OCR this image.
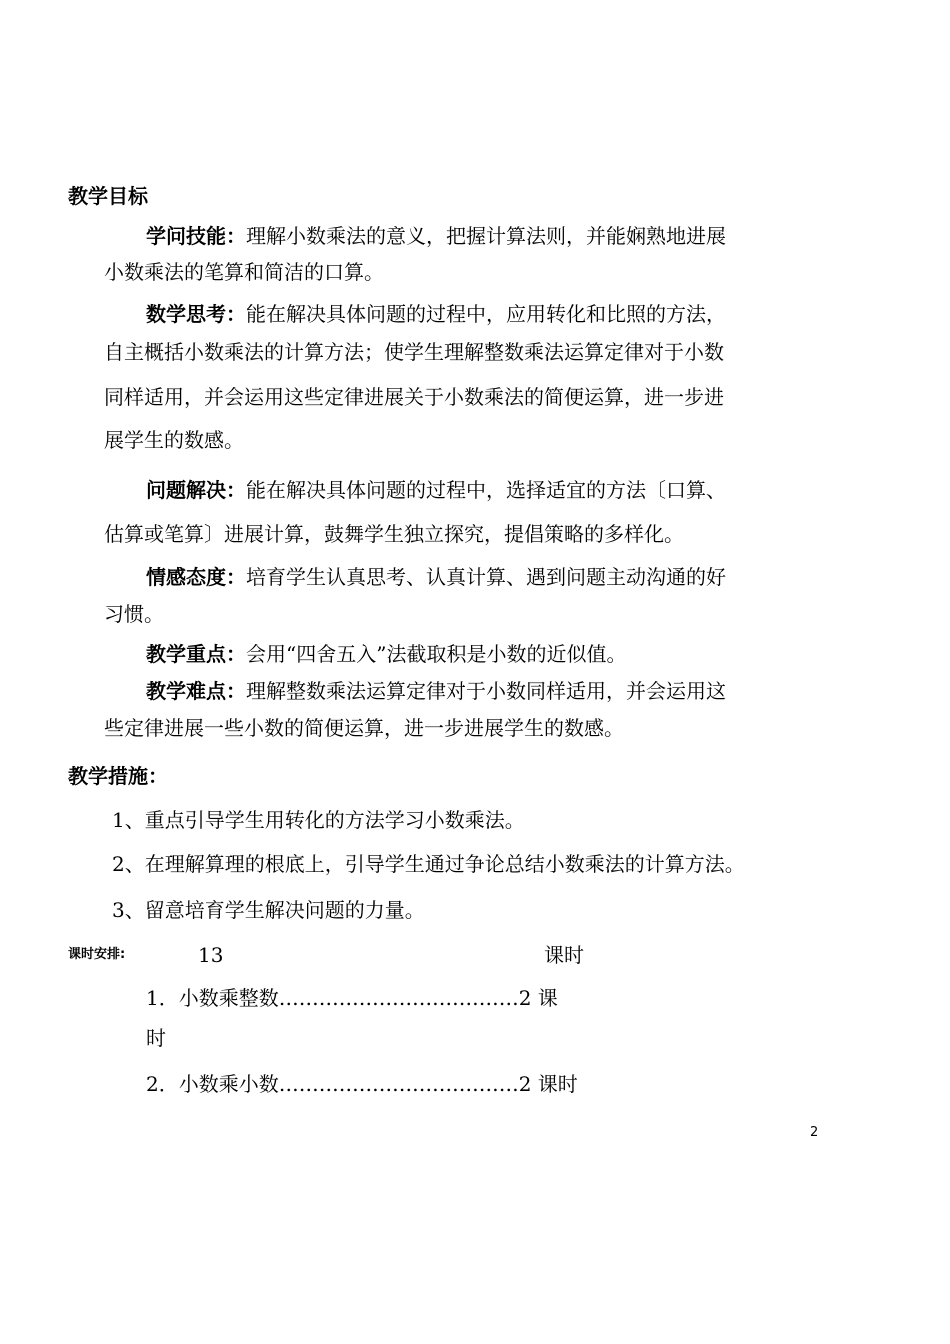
教学目标
学问技能：理解小数乘法的意义，把握计算法则，并能娴熟地进展
小数乘法的笔算和简洁的口算。
数学思考：能在解决具体问题的过程中，应用转化和比照的方法，
自主概括小数乘法的计算方法；使学生理解整数乘法运算定律对于小数
同样适用，并会运用这些定律进展关于小数乘法的简便运算，进一步进
展学生的数感。
问题解决：能在解决具体问题的过程中，选择适宜的方法〔口算、
估算或笔算〕进展计算，鼓舞学生独立探究，提倡策略的多样化。
情感态度：培育学生认真思考、认真计算、遇到问题主动沟通的好
习惯。
教学重点：会用“四舍五入”法截取积是小数的近似值。
教学难点：理解整数乘法运算定律对于小数同样适用，并会运用这
些定律进展一些小数的简便运算，进一步进展学生的数感。
教学措施：
1、重点引导学生用转化的方法学习小数乘法。
2、在理解算理的根底上，引导学生通过争论总结小数乘法的计算方法。
3、留意培育学生解决问题的力量。
课时安排:	13	课时
1．小数乘整数………………………………2 课
时
2．小数乘小数………………………………2 课时
2
